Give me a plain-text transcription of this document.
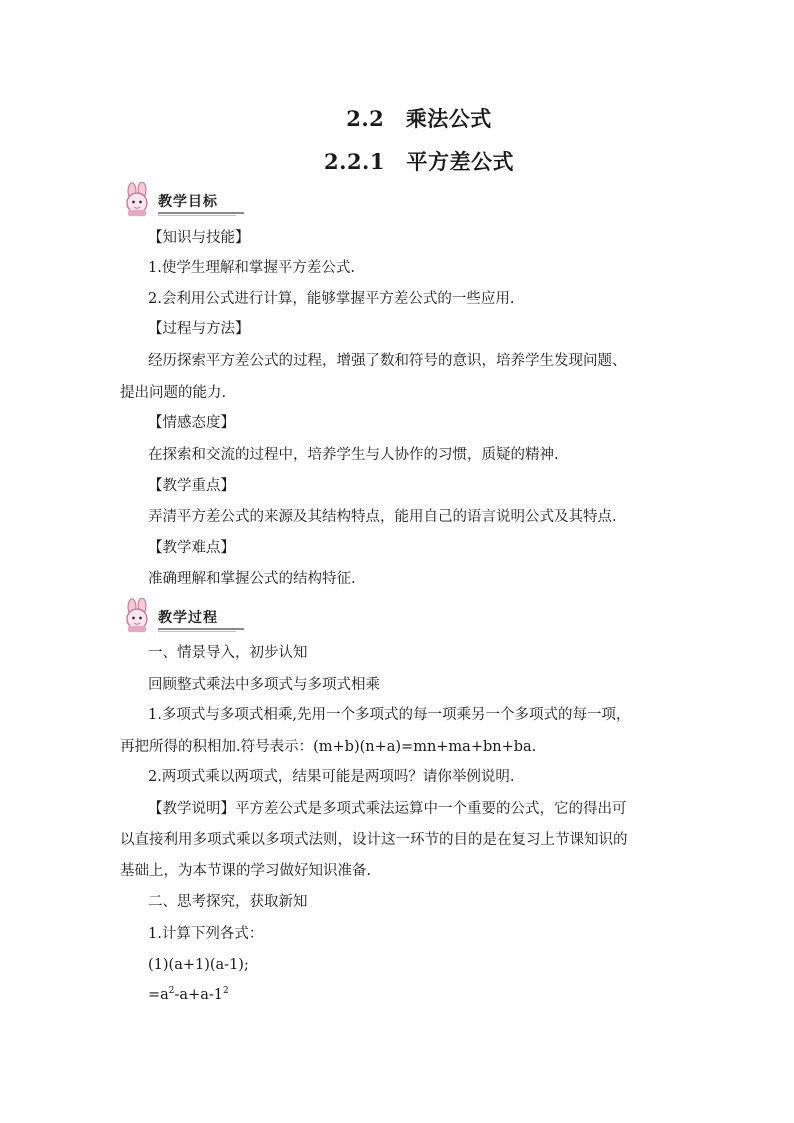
2.2　乘法公式
2.2.1　平方差公式
教学目标
【知识与技能】
1.使学生理解和掌握平方差公式.
2.会利用公式进行计算，能够掌握平方差公式的一些应用.
【过程与方法】
经历探索平方差公式的过程，增强了数和符号的意识，培养学生发现问题、
提出问题的能力.
【情感态度】
在探索和交流的过程中，培养学生与人协作的习惯，质疑的精神.
【教学重点】
弄清平方差公式的来源及其结构特点，能用自己的语言说明公式及其特点.
【教学难点】
准确理解和掌握公式的结构特征.
教学过程
一、情景导入，初步认知
回顾整式乘法中多项式与多项式相乘
1.多项式与多项式相乘,先用一个多项式的每一项乘另一个多项式的每一项，
再把所得的积相加.符号表示：(m+b)(n+a)=mn+ma+bn+ba.
2.两项式乘以两项式，结果可能是两项吗？请你举例说明.
【教学说明】平方差公式是多项式乘法运算中一个重要的公式，它的得出可
以直接利用多项式乘以多项式法则，设计这一环节的目的是在复习上节课知识的
基础上，为本节课的学习做好知识准备.
二、思考探究，获取新知
1.计算下列各式：
(1)(a+1)(a-1);
$=a^2-a+a-1^2$
